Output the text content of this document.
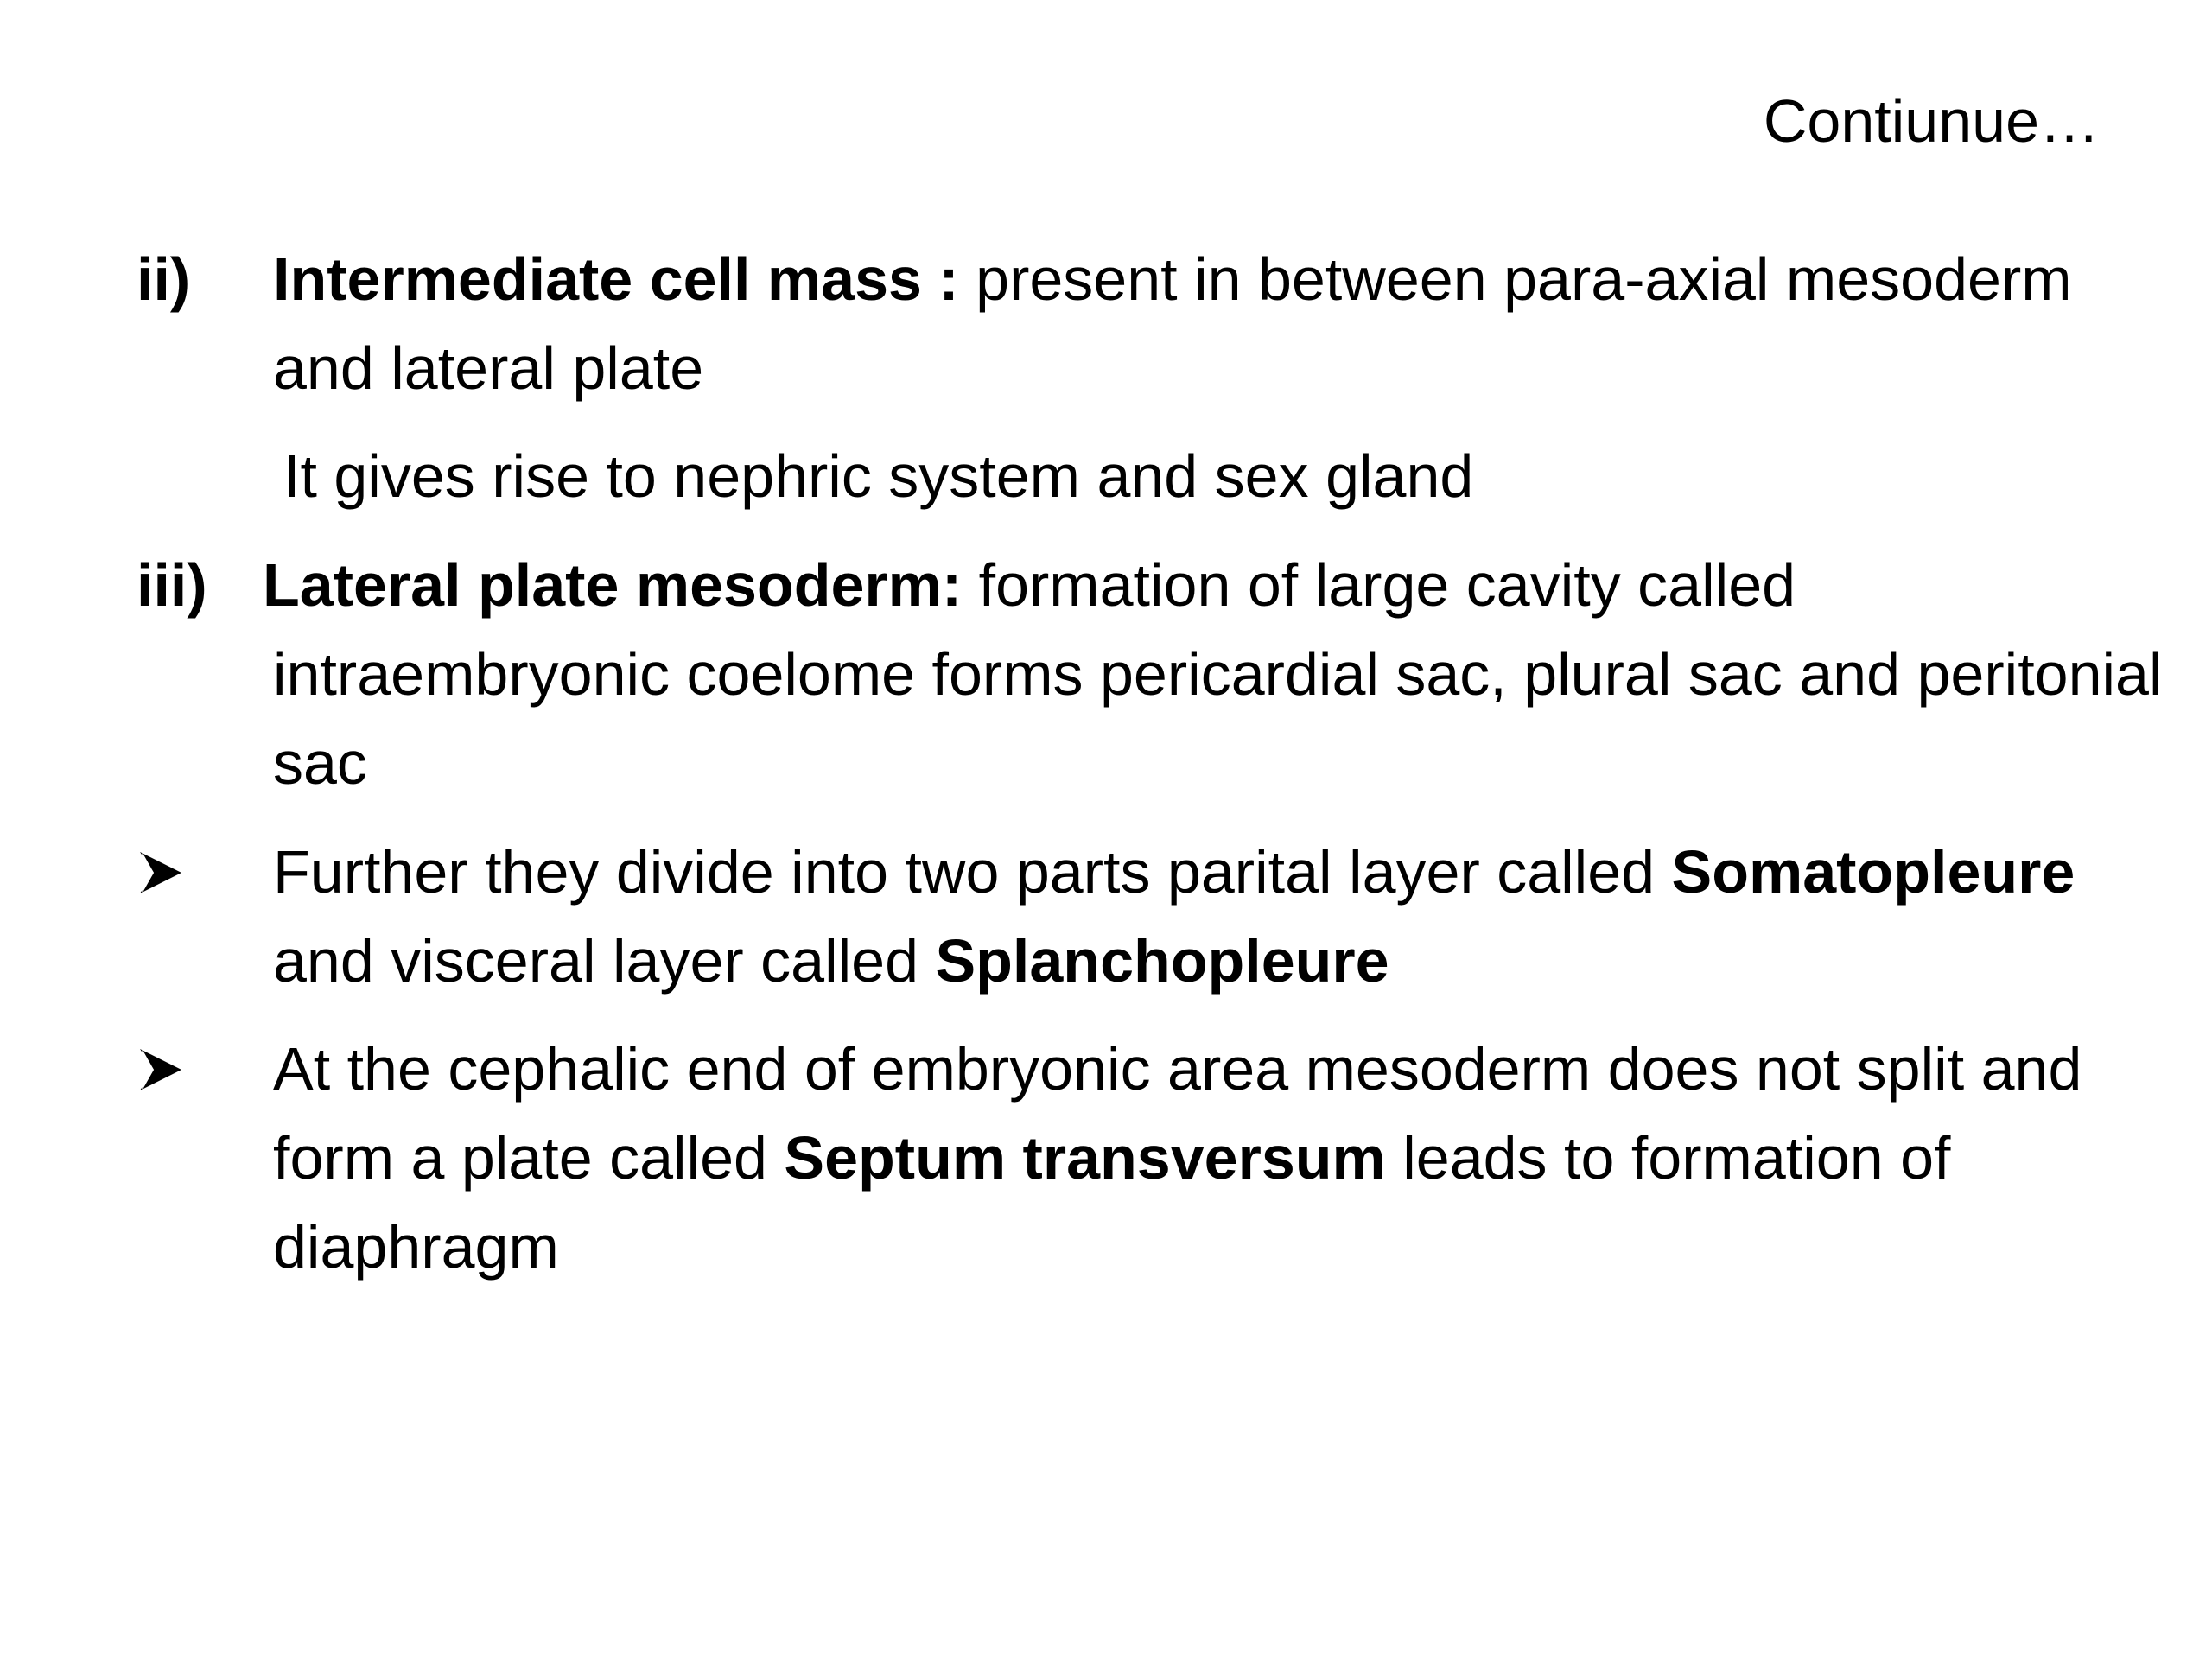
Contiunue…
ii) Intermediate cell mass : present in between para-axial mesoderm and lateral plate
It gives rise to nephric system and sex gland
iii) Lateral plate mesoderm: formation of large cavity called intraembryonic coelome forms pericardial sac, plural sac and peritonial sac
Further they divide into two parts parital layer called Somatopleure and visceral layer called Splanchopleure
At the cephalic end of embryonic area mesoderm does not split and form a plate called Septum transversum leads to formation of diaphragm
